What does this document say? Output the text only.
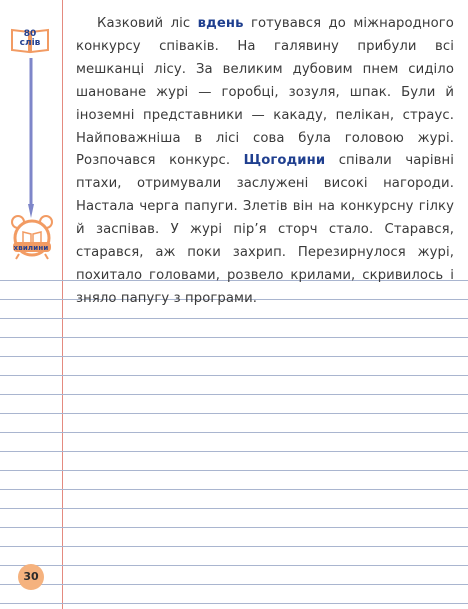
80
слів
хвилини
Казковий ліс вдень готувався до міжнародного конкурсу співаків. На галявину прибули всі мешканці лісу. За великим дубовим пнем сиділо шановане журі — горобці, зозуля, шпак. Були й іноземні представники — какаду, пелікан, страус. Найповажніша в лісі сова була головою журі. Розпочався конкурс. Щогодини співали чарівні птахи, отримували заслужені високі нагороди. Настала черга папуги. Злетів він на конкурсну гілку й заспівав. У журі пір’я сторч стало. Старався, старався, аж поки захрип. Перезирнулося журі, похитало головами, розвело крилами, скривилось і зняло папугу з програми.
30
